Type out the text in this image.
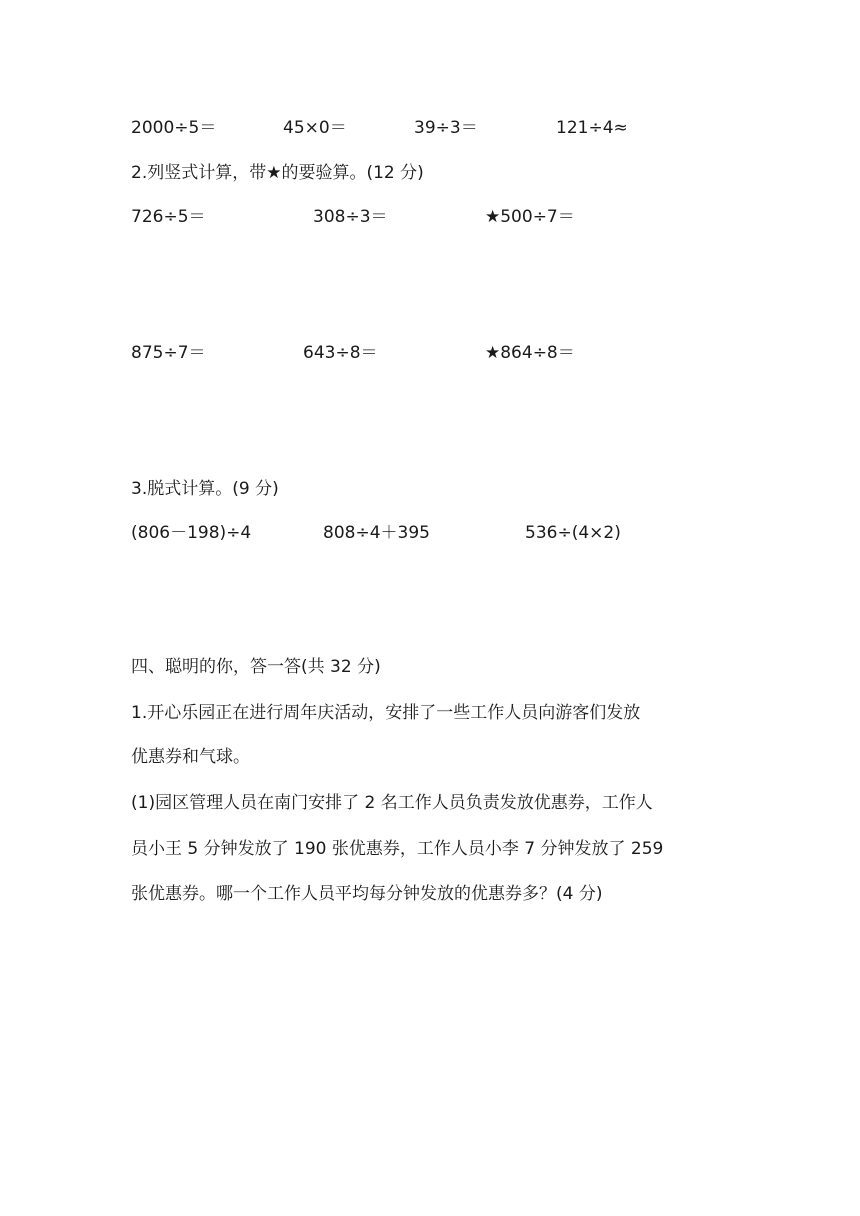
2000÷5＝	45×0＝	39÷3＝	121÷4≈
2.列竖式计算，带★的要验算。(12 分)
726÷5＝	308÷3＝	★500÷7＝
875÷7＝	643÷8＝	★864÷8＝
3.脱式计算。(9 分)
(806－198)÷4	808÷4＋395	536÷(4×2)
四、聪明的你，答一答(共 32 分)
1.开心乐园正在进行周年庆活动，安排了一些工作人员向游客们发放
优惠券和气球。
(1)园区管理人员在南门安排了 2 名工作人员负责发放优惠券，工作人
员小王 5 分钟发放了 190 张优惠券，工作人员小李 7 分钟发放了 259
张优惠券。哪一个工作人员平均每分钟发放的优惠券多？(4 分)
